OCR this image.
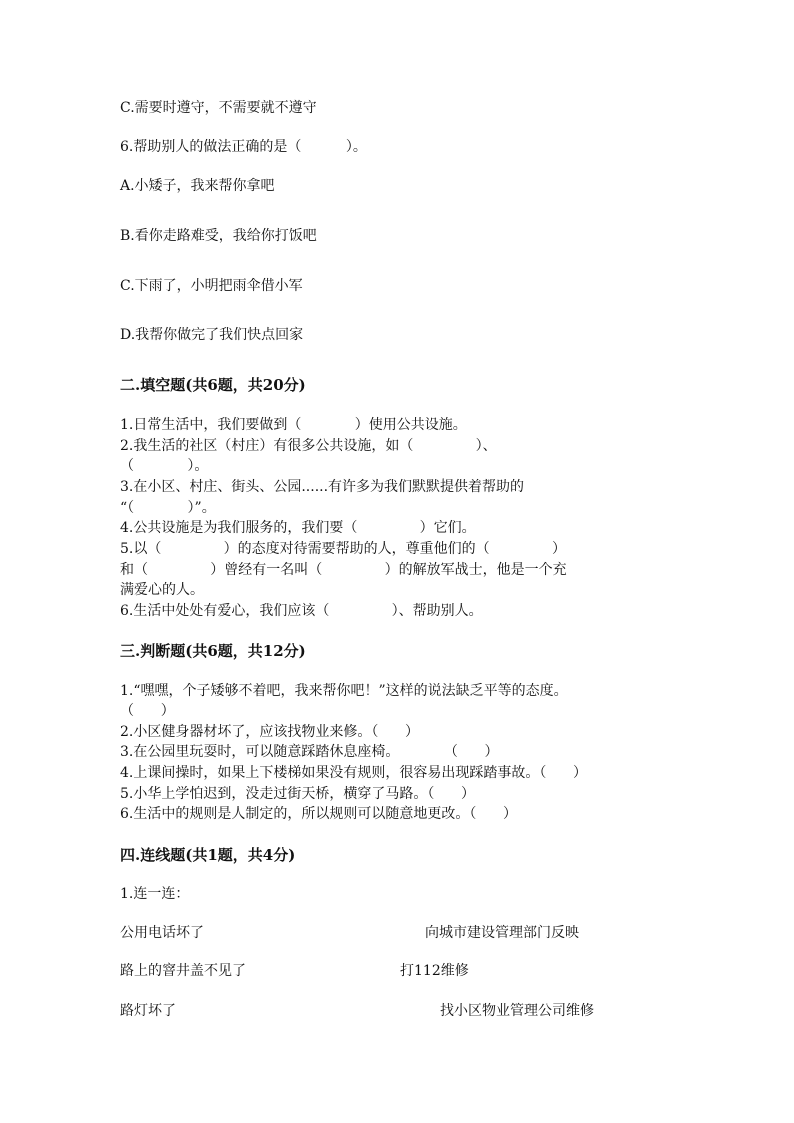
C.需要时遵守，不需要就不遵守
6.帮助别人的做法正确的是（          ）。
A.小矮子，我来帮你拿吧
B.看你走路难受，我给你打饭吧
C.下雨了，小明把雨伞借小军
D.我帮你做完了我们快点回家
二.填空题(共6题，共20分)
1.日常生活中，我们要做到（            ）使用公共设施。
2.我生活的社区（村庄）有很多公共设施，如（              ）、
（            ）。
3.在小区、村庄、街头、公园......有许多为我们默默提供着帮助的
“（            ）”。
4.公共设施是为我们服务的，我们要（              ）它们。
5.以（              ）的态度对待需要帮助的人，尊重他们的（              ）
和（              ）曾经有一名叫（              ）的解放军战士，他是一个充
满爱心的人。
6.生活中处处有爱心，我们应该（              ）、帮助别人。
三.判断题(共6题，共12分)
1.“嘿嘿，个子矮够不着吧，我来帮你吧！”这样的说法缺乏平等的态度。
（      ）
2.小区健身器材坏了，应该找物业来修。（      ）
3.在公园里玩耍时，可以随意踩踏休息座椅。          （      ）
4.上课间操时，如果上下楼梯如果没有规则，很容易出现踩踏事故。（      ）
5.小华上学怕迟到，没走过街天桥，横穿了马路。（      ）
6.生活中的规则是人制定的，所以规则可以随意地更改。（      ）
四.连线题(共1题，共4分)
1.连一连：
公用电话坏了	向城市建设管理部门反映
路上的窨井盖不见了	打112维修
路灯坏了	找小区物业管理公司维修
